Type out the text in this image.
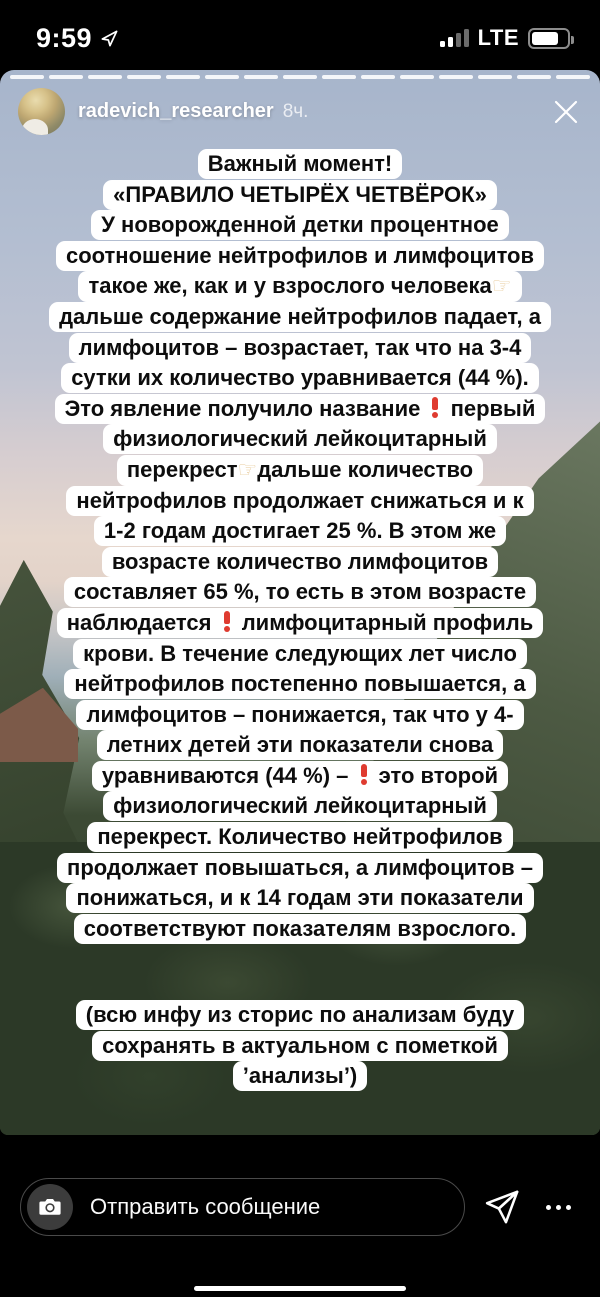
9:59	LTE
radevich_researcher 8ч.
Важный момент!
«ПРАВИЛО ЧЕТЫРЁХ ЧЕТВЁРОК»
У новорожденной детки процентное
соотношение нейтрофилов и лимфоцитов
такое же, как и у взрослого человека☞
дальше содержание нейтрофилов падает, а
лимфоцитов – возрастает, так что на 3-4
сутки их количество уравнивается (44 %).
Это явление получило название
первый
физиологический лейкоцитарный
перекрест☞дальше количество
нейтрофилов продолжает снижаться и к
1-2 годам достигает 25 %. В этом же
возрасте количество лимфоцитов
составляет 65 %, то есть в этом возрасте
наблюдается
лимфоцитарный профиль
крови. В течение следующих лет число
нейтрофилов постепенно повышается, а
лимфоцитов – понижается, так что у 4-
летних детей эти показатели снова
уравниваются (44 %) –
это второй
физиологический лейкоцитарный
перекрест. Количество нейтрофилов
продолжает повышаться, а лимфоцитов –
понижаться, и к 14 годам эти показатели
соответствуют показателям взрослого.
(всю инфу из сторис по анализам буду
сохранять в актуальном с пометкой
’анализы’)
Отправить сообщение
